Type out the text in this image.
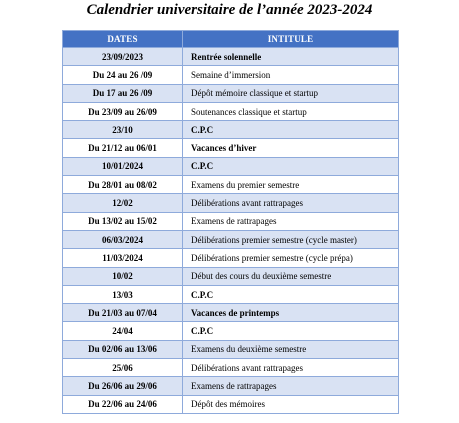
Calendrier universitaire de l’année 2023-2024
DATES	INTITULE
23/09/2023	Rentrée solennelle
Du 24 au 26 /09	Semaine d’immersion
Du 17 au 26 /09	Dépôt mémoire classique et startup
Du 23/09 au 26/09	Soutenances classique et startup
23/10	C.P.C
Du 21/12 au 06/01	Vacances d’hiver
10/01/2024	C.P.C
Du 28/01 au 08/02	Examens du premier semestre
12/02	Délibérations avant rattrapages
Du 13/02 au 15/02	Examens de rattrapages
06/03/2024	Délibérations premier semestre (cycle master)
11/03/2024	Délibérations premier semestre (cycle prépa)
10/02	Début des cours du deuxième semestre
13/03	C.P.C
Du 21/03 au 07/04	Vacances de printemps
24/04	C.P.C
Du 02/06 au 13/06	Examens du deuxième semestre
25/06	Délibérations avant rattrapages
Du 26/06 au 29/06	Examens de rattrapages
Du 22/06 au 24/06	Dépôt des mémoires
